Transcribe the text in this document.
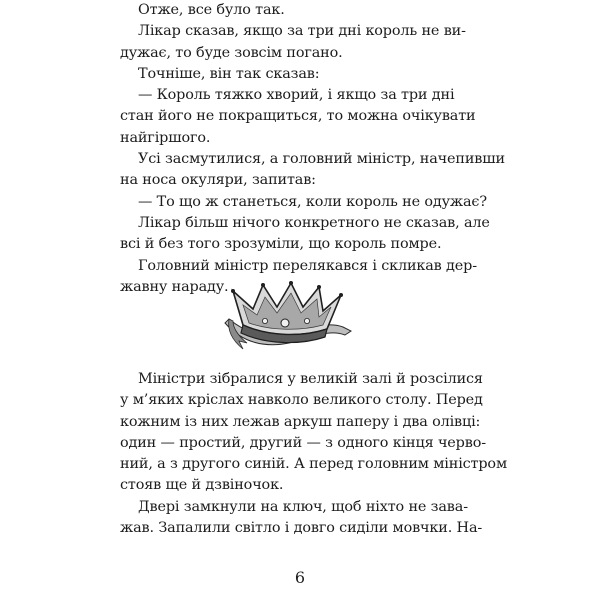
Отже, все було так.
Лікар сказав, якщо за три дні король не ви-
дужає, то буде зовсім погано.
Точніше, він так сказав:
— Король тяжко хворий, і якщо за три дні
стан його не покращиться, то можна очікувати
найгіршого.
Усі засмутилися, а головний міністр, начепивши
на носа окуляри, запитав:
— То що ж станеться, коли король не одужає?
Лікар більш нічого конкретного не сказав, але
всі й без того зрозуміли, що король помре.
Головний міністр перелякався і скликав дер-
жавну нараду.
Міністри зібралися у великій залі й розсілися
у м’яких кріслах навколо великого столу. Перед
кожним із них лежав аркуш паперу і два олівці:
один — простий, другий — з одного кінця черво-
ний, а з другого синій. А перед головним міністром
стояв ще й дзвіночок.
Двері замкнули на ключ, щоб ніхто не зава-
жав. Запалили світло і довго сиділи мовчки. На-
6
